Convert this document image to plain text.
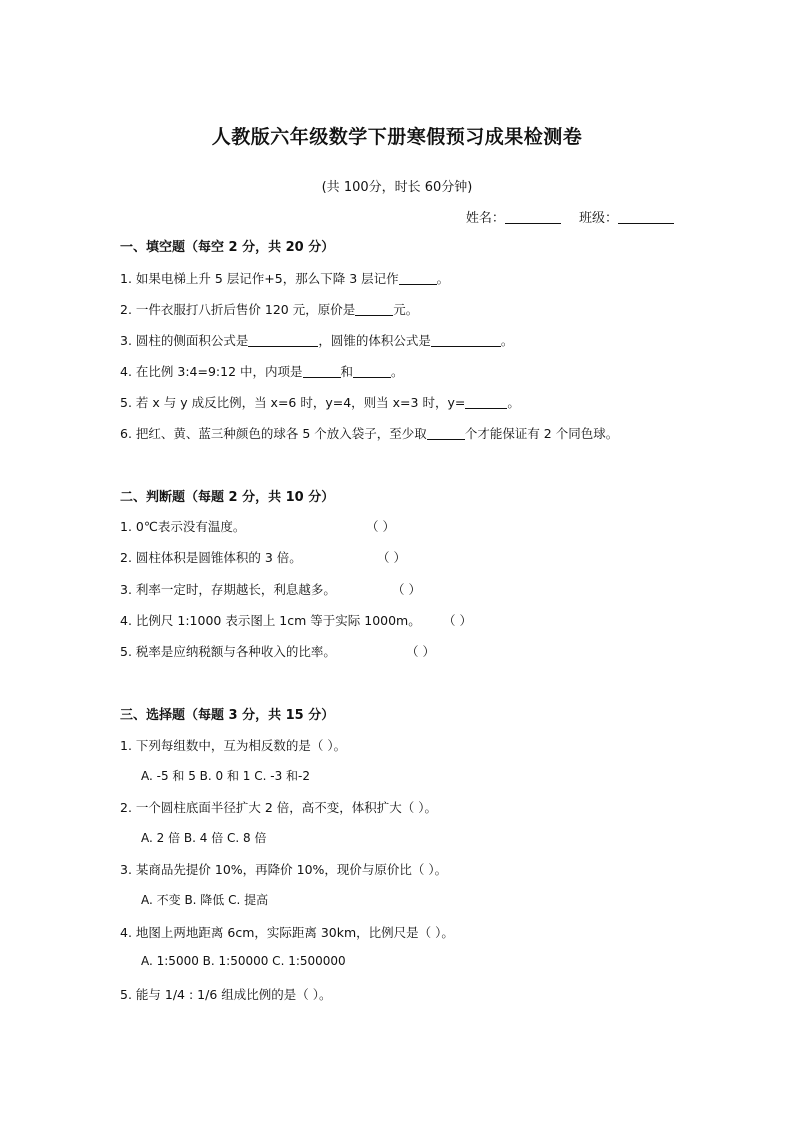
人教版六年级数学下册寒假预习成果检测卷
(共 100分，时长 60分钟)
姓名：	班级：
一、填空题（每空 2 分，共 20 分）
1. 如果电梯上升 5 层记作+5，那么下降 3 层记作	。
2. 一件衣服打八折后售价 120 元，原价是	元。
3. 圆柱的侧面积公式是	，圆锥的体积公式是	。
4. 在比例 3:4=9:12 中，内项是	和	。
5. 若 x 与 y 成反比例，当 x=6 时，y=4，则当 x=3 时，y=	。
6. 把红、黄、蓝三种颜色的球各 5 个放入袋子，至少取	个才能保证有 2 个同色球。
二、判断题（每题 2 分，共 10 分）
1. 0℃表示没有温度。	（ ）
2. 圆柱体积是圆锥体积的 3 倍。	（ ）
3. 利率一定时，存期越长，利息越多。	（ ）
4. 比例尺 1:1000 表示图上 1cm 等于实际 1000m。 （ ）
5. 税率是应纳税额与各种收入的比率。	（ ）
三、选择题（每题 3 分，共 15 分）
1. 下列每组数中，互为相反数的是（ ）。
A. -5 和 5 B. 0 和 1 C. -3 和-2
2. 一个圆柱底面半径扩大 2 倍，高不变，体积扩大（ ）。
A. 2 倍 B. 4 倍 C. 8 倍
3. 某商品先提价 10%，再降价 10%，现价与原价比（ ）。
A. 不变 B. 降低 C. 提高
4. 地图上两地距离 6cm，实际距离 30km，比例尺是（ ）。
A. 1:5000 B. 1:50000 C. 1:500000
5. 能与 1/4 : 1/6 组成比例的是（ ）。
